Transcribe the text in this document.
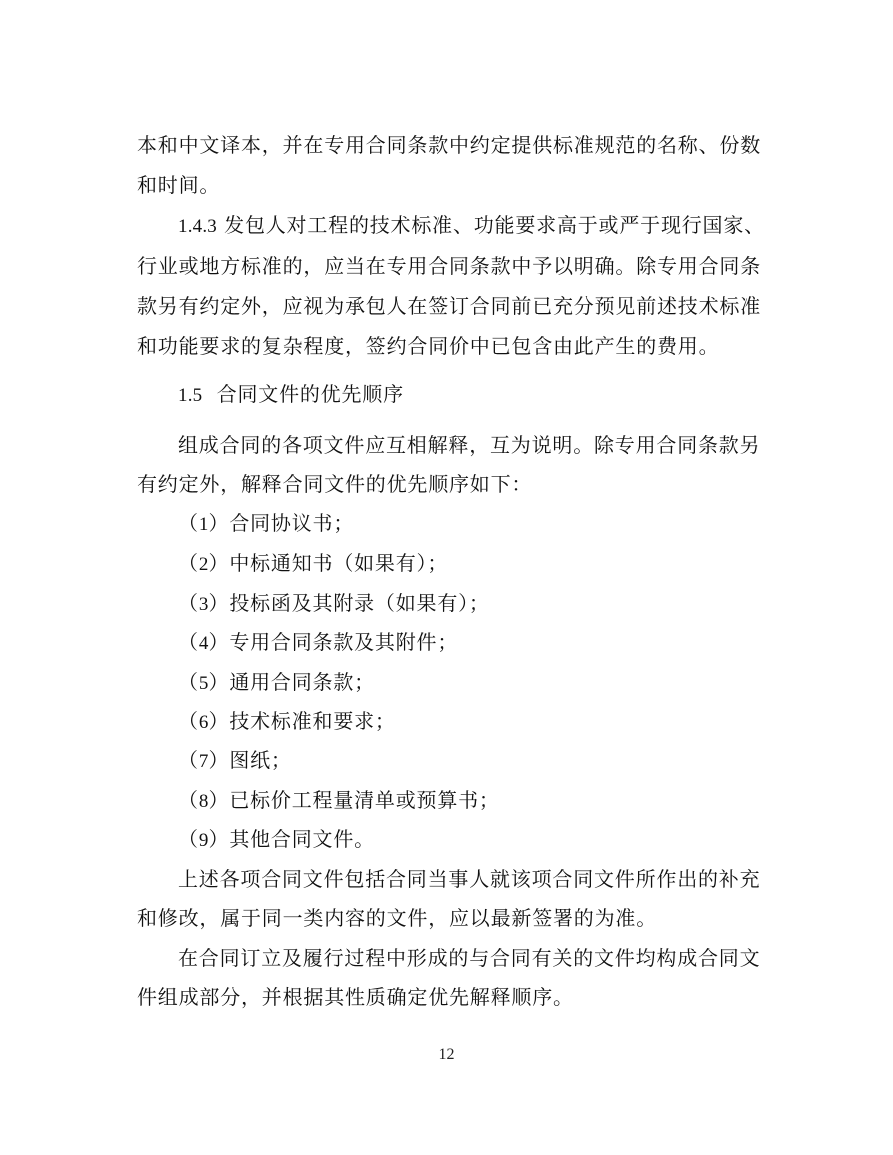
本和中文译本，并在专用合同条款中约定提供标准规范的名称、份数

和时间。

1.4.3 发包人对工程的技术标准、功能要求高于或严于现行国家、

行业或地方标准的，应当在专用合同条款中予以明确。除专用合同条

款另有约定外，应视为承包人在签订合同前已充分预见前述技术标准

和功能要求的复杂程度，签约合同价中已包含由此产生的费用。

1.5 合同文件的优先顺序

组成合同的各项文件应互相解释，互为说明。除专用合同条款另

有约定外，解释合同文件的优先顺序如下：

（1）合同协议书；

（2）中标通知书（如果有）；

（3）投标函及其附录（如果有）；

（4）专用合同条款及其附件；

（5）通用合同条款；

（6）技术标准和要求；

（7）图纸；

（8）已标价工程量清单或预算书；

（9）其他合同文件。

上述各项合同文件包括合同当事人就该项合同文件所作出的补充

和修改，属于同一类内容的文件，应以最新签署的为准。

在合同订立及履行过程中形成的与合同有关的文件均构成合同文

件组成部分，并根据其性质确定优先解释顺序。

12
